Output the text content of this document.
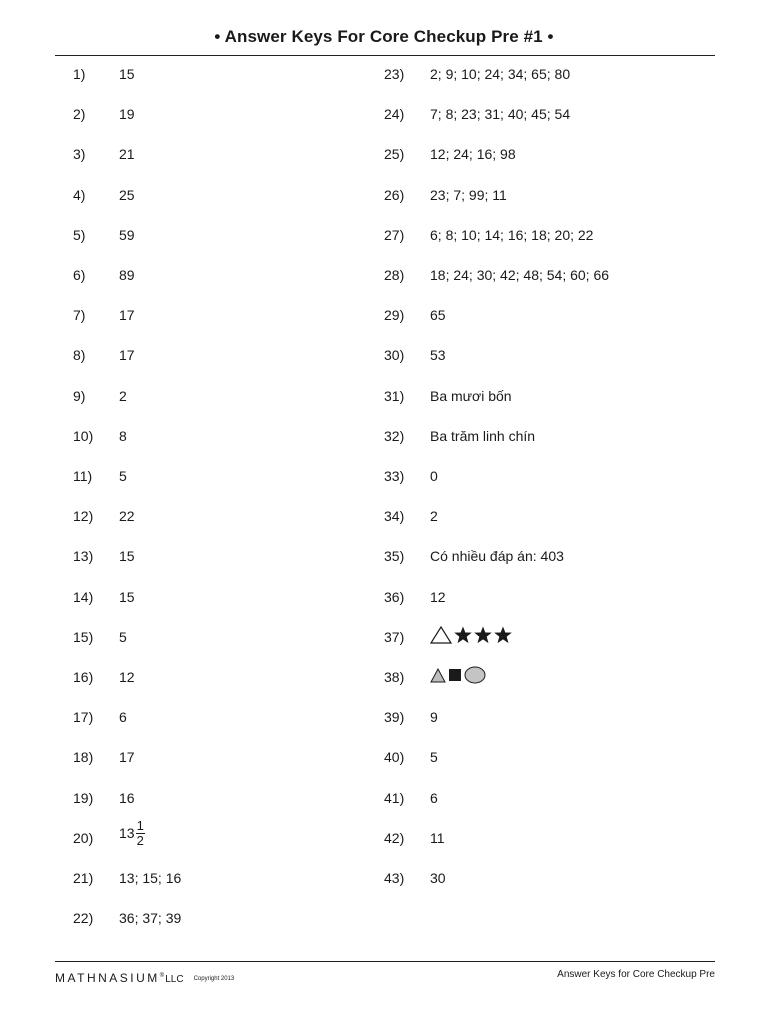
• Answer Keys For Core Checkup Pre #1 •
1) 15
2) 19
3) 21
4) 25
5) 59
6) 89
7) 17
8) 17
9) 2
10) 8
11) 5
12) 22
13) 15
14) 15
15) 5
16) 12
17) 6
18) 17
19) 16
20) $13 \frac{1}{2}$
21) 13; 15; 16
22) 36; 37; 39
23) 2; 9; 10; 24; 34; 65; 80
24) 7; 8; 23; 31; 40; 45; 54
25) 12; 24; 16; 98
26) 23; 7; 99; 11
27) 6; 8; 10; 14; 16; 18; 20; 22
28) 18; 24; 30; 42; 48; 54; 60; 66
29) 65
30) 53
31) Ba mươi bốn
32) Ba trăm linh chín
33) 0
34) 2
35) Có nhiều đáp án: 403
36) 12
37)
38)
39) 9
40) 5
41) 6
42) 11
43) 30
MATHNASIUM®LLC Copyright 2013	Answer Keys for Core Checkup Pre
